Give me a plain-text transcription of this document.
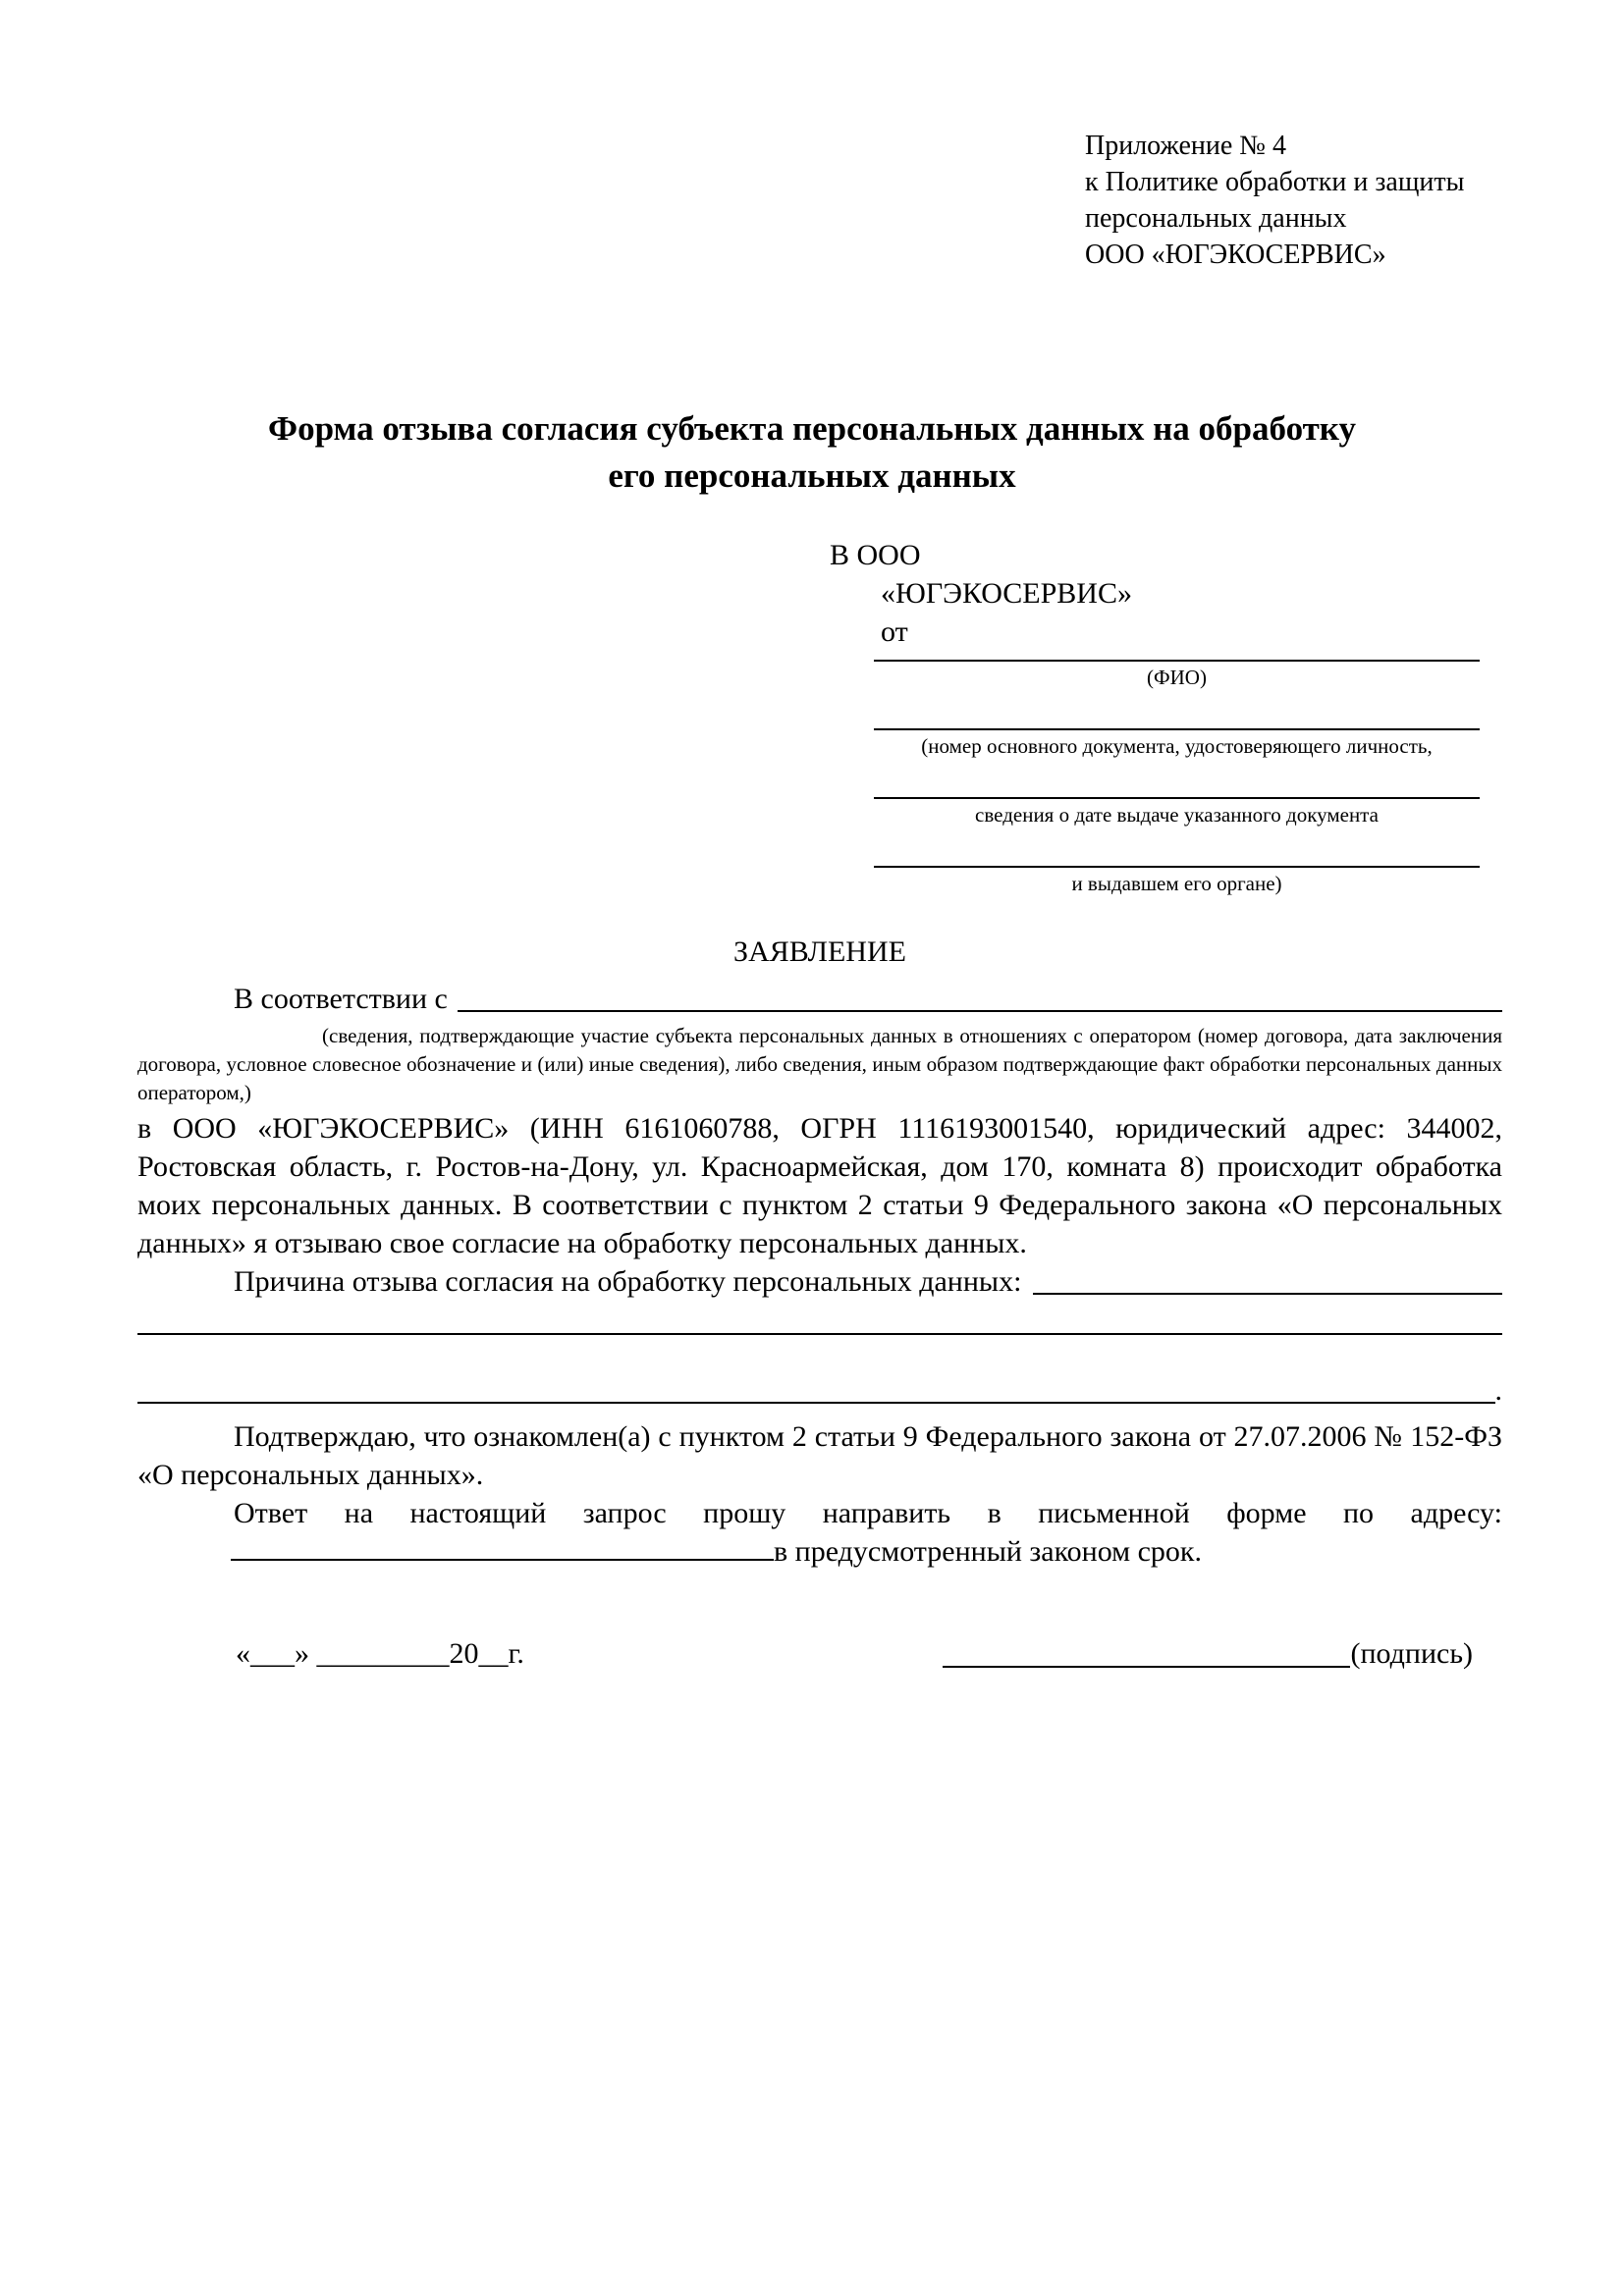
Приложение № 4
к Политике обработки и защиты
персональных данных
ООО «ЮГЭКОСЕРВИС»
Форма отзыва согласия субъекта персональных данных на обработку
его персональных данных
В ООО
«ЮГЭКОСЕРВИС»
от
(ФИО)
(номер основного документа, удостоверяющего личность,
сведения о дате выдаче указанного документа
и выдавшем его органе)
ЗАЯВЛЕНИЕ
В соответствии с

(сведения, подтверждающие участие субъекта персональных данных в отношениях с оператором (номер договора, дата заключения договора, условное словесное обозначение и (или) иные сведения), либо сведения, иным образом подтверждающие факт обработки персональных данных оператором,)

в ООО «ЮГЭКОСЕРВИС» (ИНН 6161060788, ОГРН 1116193001540, юридический адрес: 344002, Ростовская область, г. Ростов-на-Дону, ул. Красноармейская, дом 170, комната 8) происходит обработка моих персональных данных. В соответствии с пунктом 2 статьи 9 Федерального закона «О персональных данных» я отзываю свое согласие на обработку персональных данных.

Причина отзыва согласия на обработку персональных данных:
.

Подтверждаю, что ознакомлен(а) с пунктом 2 статьи 9 Федерального закона от 27.07.2006 № 152-ФЗ «О персональных данных».

Ответ на настоящий запрос прошу направить в письменной форме по адресу: в предусмотренный законом срок.

«___» _________20__г.	(подпись)
